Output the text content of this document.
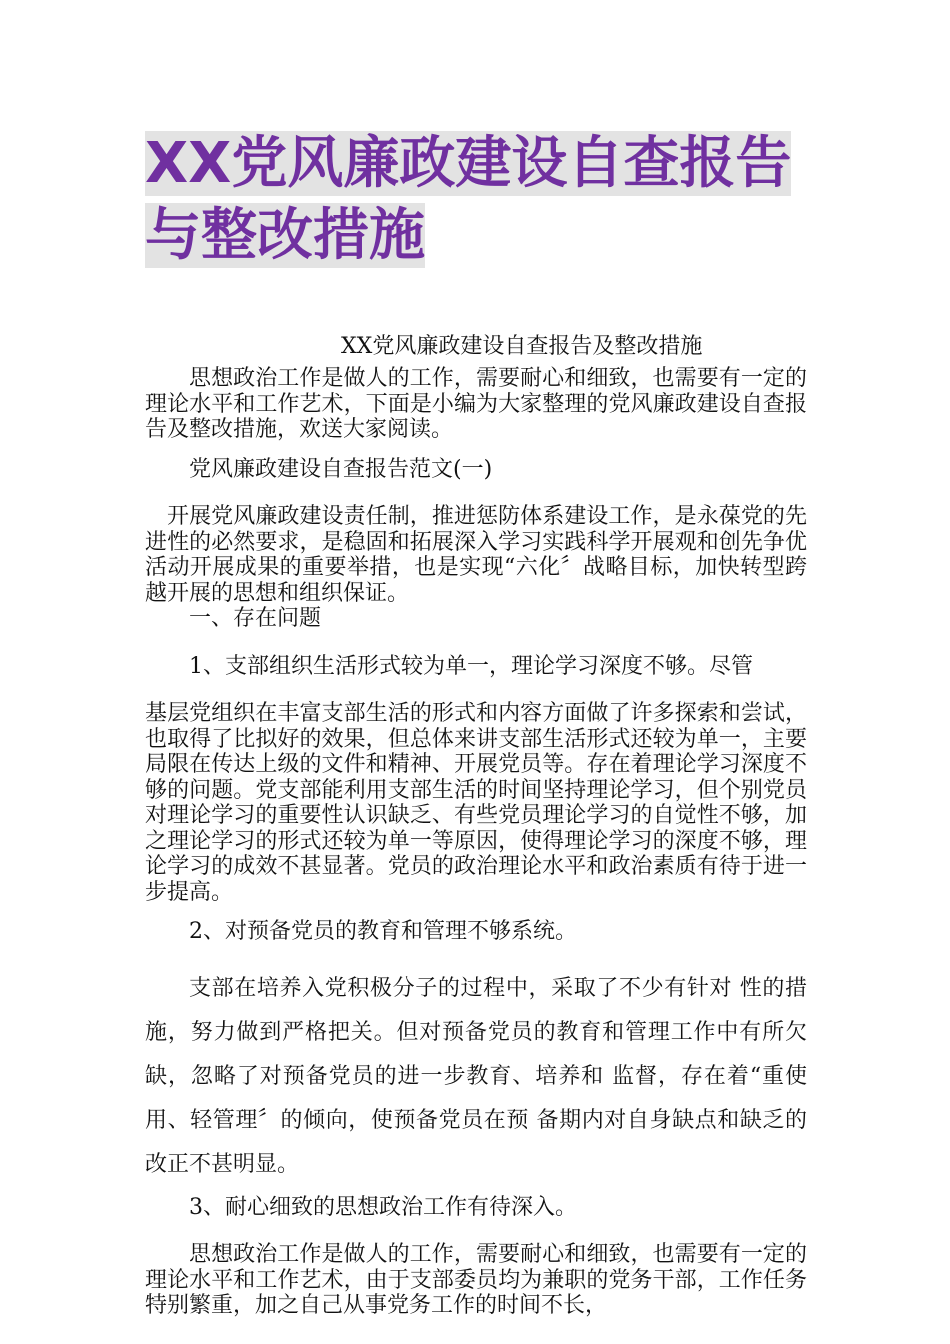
XX党风廉政建设自查报告与整改措施

XX党风廉政建设自查报告及整改措施

思想政治工作是做人的工作，需要耐心和细致，也需要有一定的理论水平和工作艺术，下面是小编为大家整理的党风廉政建设自查报告及整改措施，欢送大家阅读。

党风廉政建设自查报告范文(一)

开展党风廉政建设责任制，推进惩防体系建设工作，是永葆党的先进性的必然要求，是稳固和拓展深入学习实践科学开展观和创先争优活动开展成果的重要举措，也是实现“六化〞战略目标，加快转型跨越开展的思想和组织保证。

一、存在问题

1、支部组织生活形式较为单一，理论学习深度不够。尽管

基层党组织在丰富支部生活的形式和内容方面做了许多探索和尝试，也取得了比拟好的效果，但总体来讲支部生活形式还较为单一，主要局限在传达上级的文件和精神、开展党员等。存在着理论学习深度不够的问题。党支部能利用支部生活的时间坚持理论学习，但个别党员对理论学习的重要性认识缺乏、有些党员理论学习的自觉性不够，加之理论学习的形式还较为单一等原因，使得理论学习的深度不够，理论学习的成效不甚显著。党员的政治理论水平和政治素质有待于进一步提高。

2、对预备党员的教育和管理不够系统。

支部在培养入党积极分子的过程中，采取了不少有针对 性的措施，努力做到严格把关。但对预备党员的教育和管理工作中有所欠缺，忽略了对预备党员的进一步教育、培养和 监督，存在着“重使用、轻管理〞的倾向，使预备党员在预 备期内对自身缺点和缺乏的改正不甚明显。

3、耐心细致的思想政治工作有待深入。

思想政治工作是做人的工作，需要耐心和细致，也需要有一定的理论水平和工作艺术，由于支部委员均为兼职的党务干部，工作任务特别繁重，加之自己从事党务工作的时间不长，
